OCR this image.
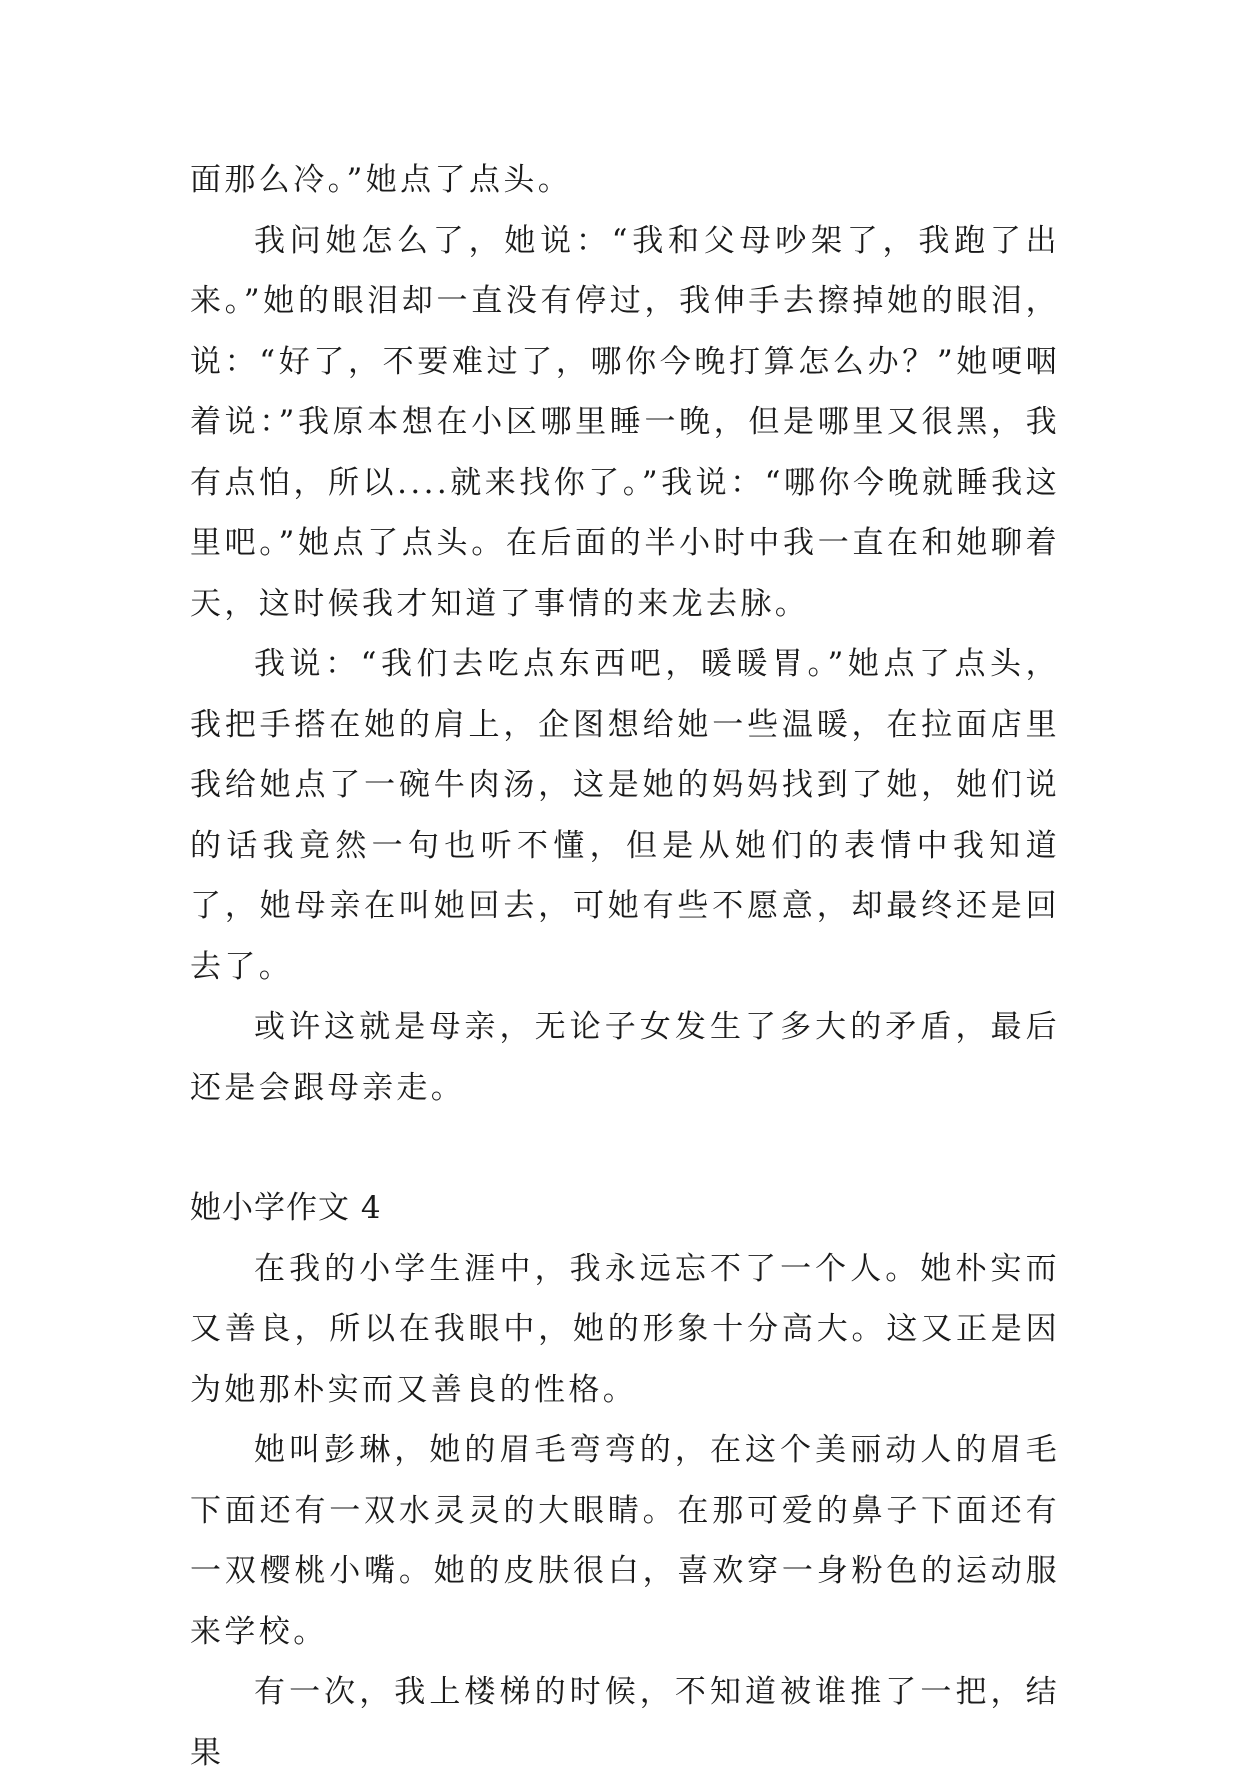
面那么冷。”她点了点头。

我问她怎么了，她说：“我和父母吵架了，我跑了出来。”她的眼泪却一直没有停过，我伸手去擦掉她的眼泪，说：“好了，不要难过了，哪你今晚打算怎么办？”她哽咽着说：”我原本想在小区哪里睡一晚，但是哪里又很黑，我有点怕，所以....就来找你了。”我说：“哪你今晚就睡我这里吧。”她点了点头。在后面的半小时中我一直在和她聊着天，这时候我才知道了事情的来龙去脉。

我说：“我们去吃点东西吧，暖暖胃。”她点了点头，我把手搭在她的肩上，企图想给她一些温暖，在拉面店里我给她点了一碗牛肉汤，这是她的妈妈找到了她，她们说的话我竟然一句也听不懂，但是从她们的表情中我知道了，她母亲在叫她回去，可她有些不愿意，却最终还是回去了。

或许这就是母亲，无论子女发生了多大的矛盾，最后还是会跟母亲走。

她小学作文 4

在我的小学生涯中，我永远忘不了一个人。她朴实而又善良，所以在我眼中，她的形象十分高大。这又正是因为她那朴实而又善良的性格。

她叫彭琳，她的眉毛弯弯的，在这个美丽动人的眉毛下面还有一双水灵灵的大眼睛。在那可爱的鼻子下面还有一双樱桃小嘴。她的皮肤很白，喜欢穿一身粉色的运动服来学校。

有一次，我上楼梯的时候，不知道被谁推了一把，结果
